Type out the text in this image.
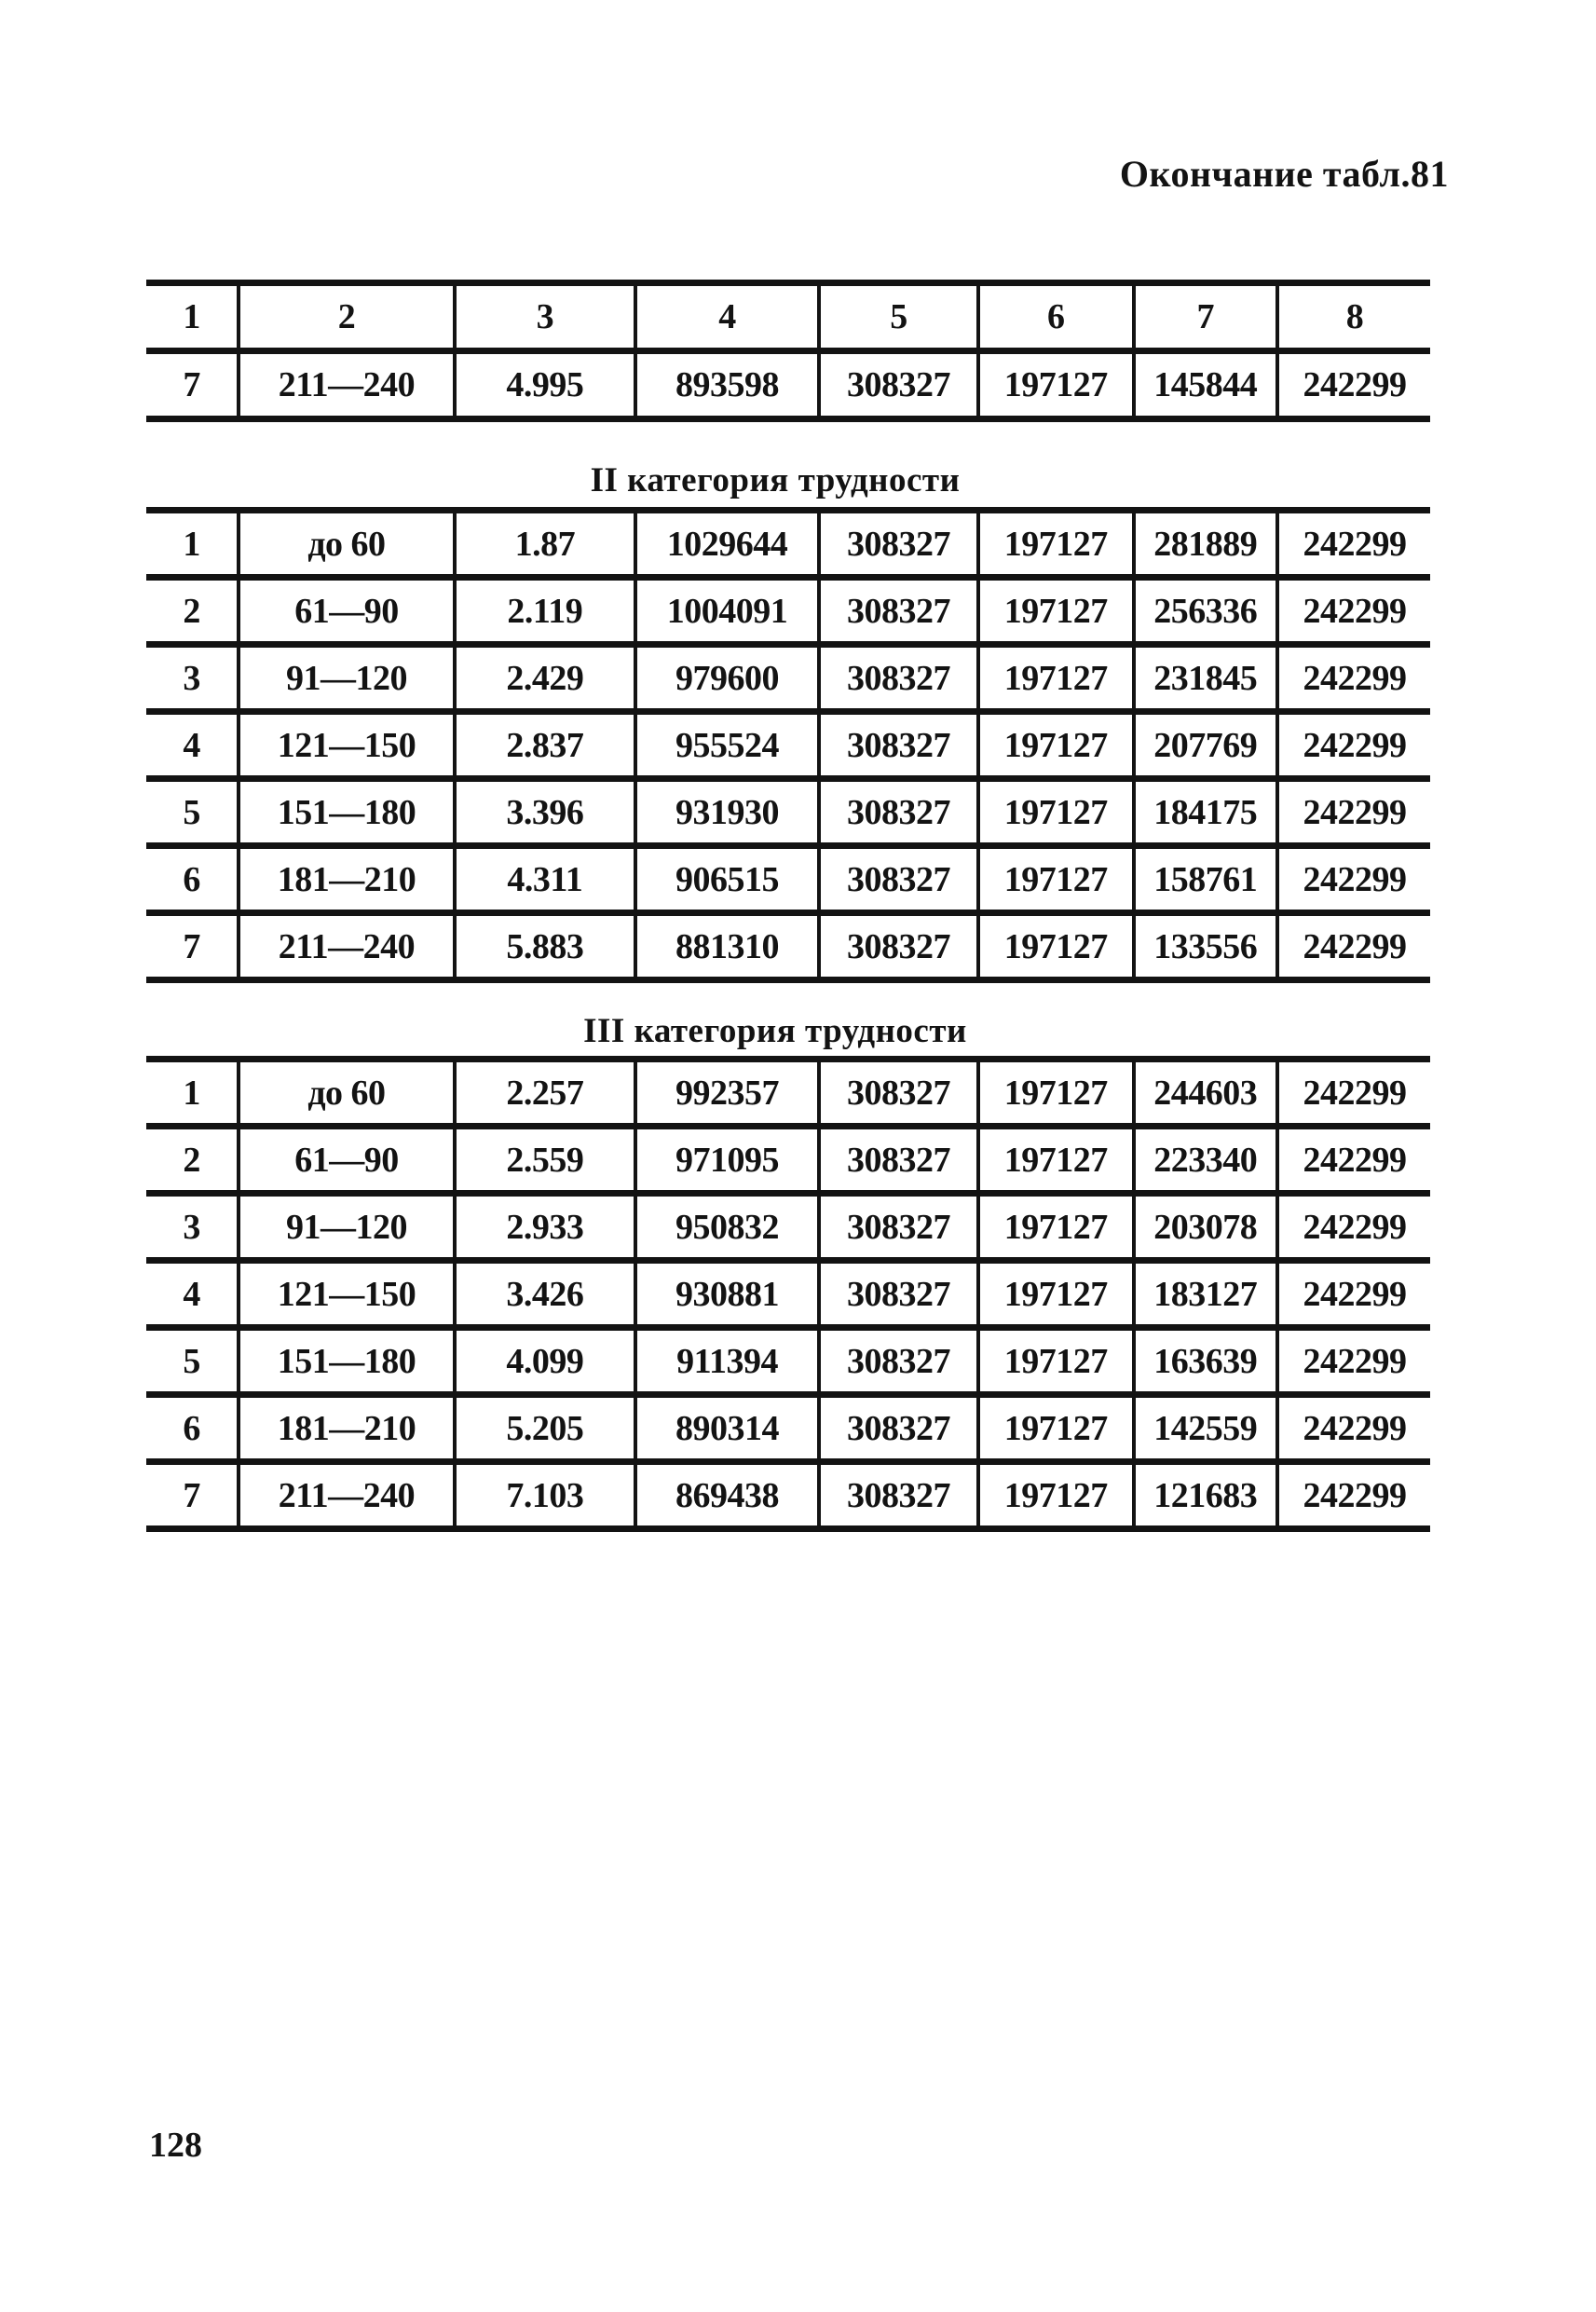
Окончание табл.81
1	2	3	4	5	6	7	8
7	211—240	4.995	893598	308327	197127	145844	242299
II категория трудности
1	до 60	1.87	1029644	308327	197127	281889	242299
2	61—90	2.119	1004091	308327	197127	256336	242299
3	91—120	2.429	979600	308327	197127	231845	242299
4	121—150	2.837	955524	308327	197127	207769	242299
5	151—180	3.396	931930	308327	197127	184175	242299
6	181—210	4.311	906515	308327	197127	158761	242299
7	211—240	5.883	881310	308327	197127	133556	242299
III категория трудности
1	до 60	2.257	992357	308327	197127	244603	242299
2	61—90	2.559	971095	308327	197127	223340	242299
3	91—120	2.933	950832	308327	197127	203078	242299
4	121—150	3.426	930881	308327	197127	183127	242299
5	151—180	4.099	911394	308327	197127	163639	242299
6	181—210	5.205	890314	308327	197127	142559	242299
7	211—240	7.103	869438	308327	197127	121683	242299
128
